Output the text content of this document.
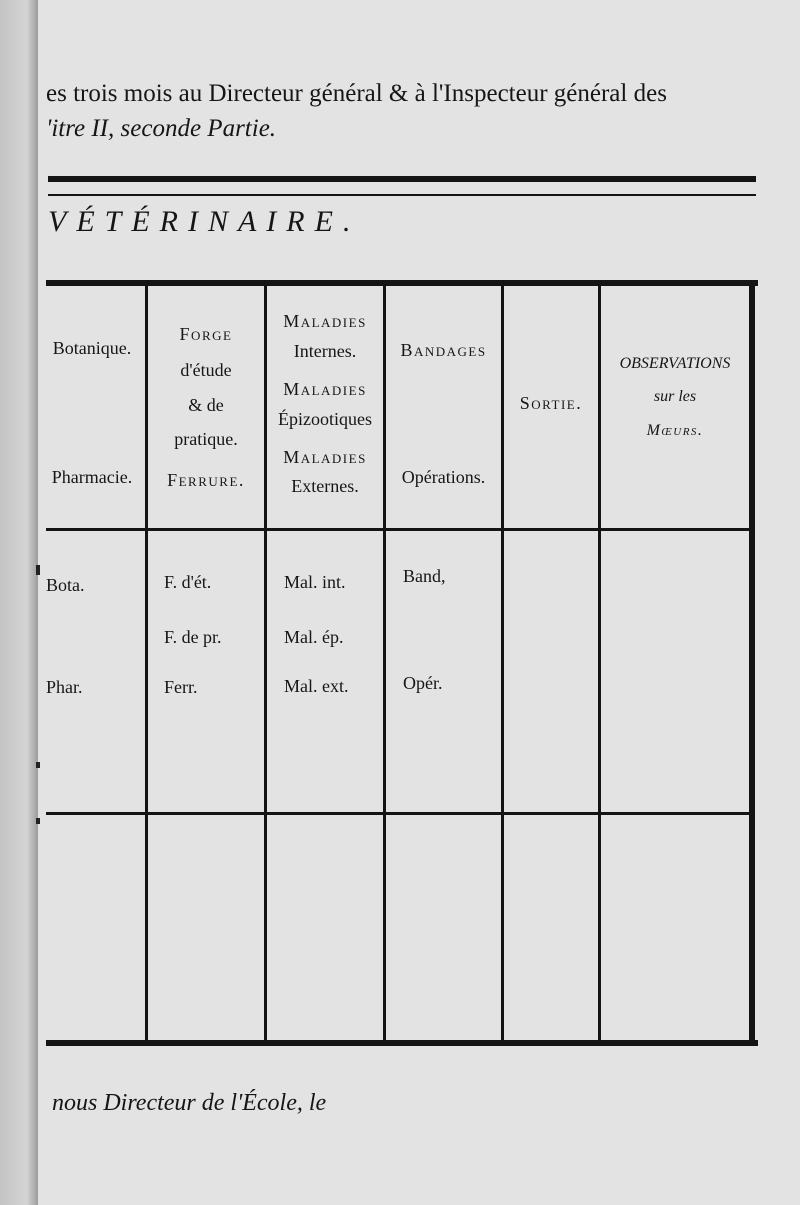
es trois mois au Directeur général & à l'Inspecteur général des
'itre II, seconde Partie.
VÉTÉRINAIRE.
Botanique.
Pharmacie.
Forge
d'étude
& de
pratique.
Ferrure.
Maladies
Internes.
Maladies
Épizootiques
Maladies
Externes.
Bandages
Opérations.
Sortie.
OBSERVATIONS
sur les
Mœurs.
Bota.
Phar.
F. d'ét.
F. de pr.
Ferr.
Mal. int.
Mal. ép.
Mal. ext.
Band,
Opér.
nous Directeur de l'École, le
